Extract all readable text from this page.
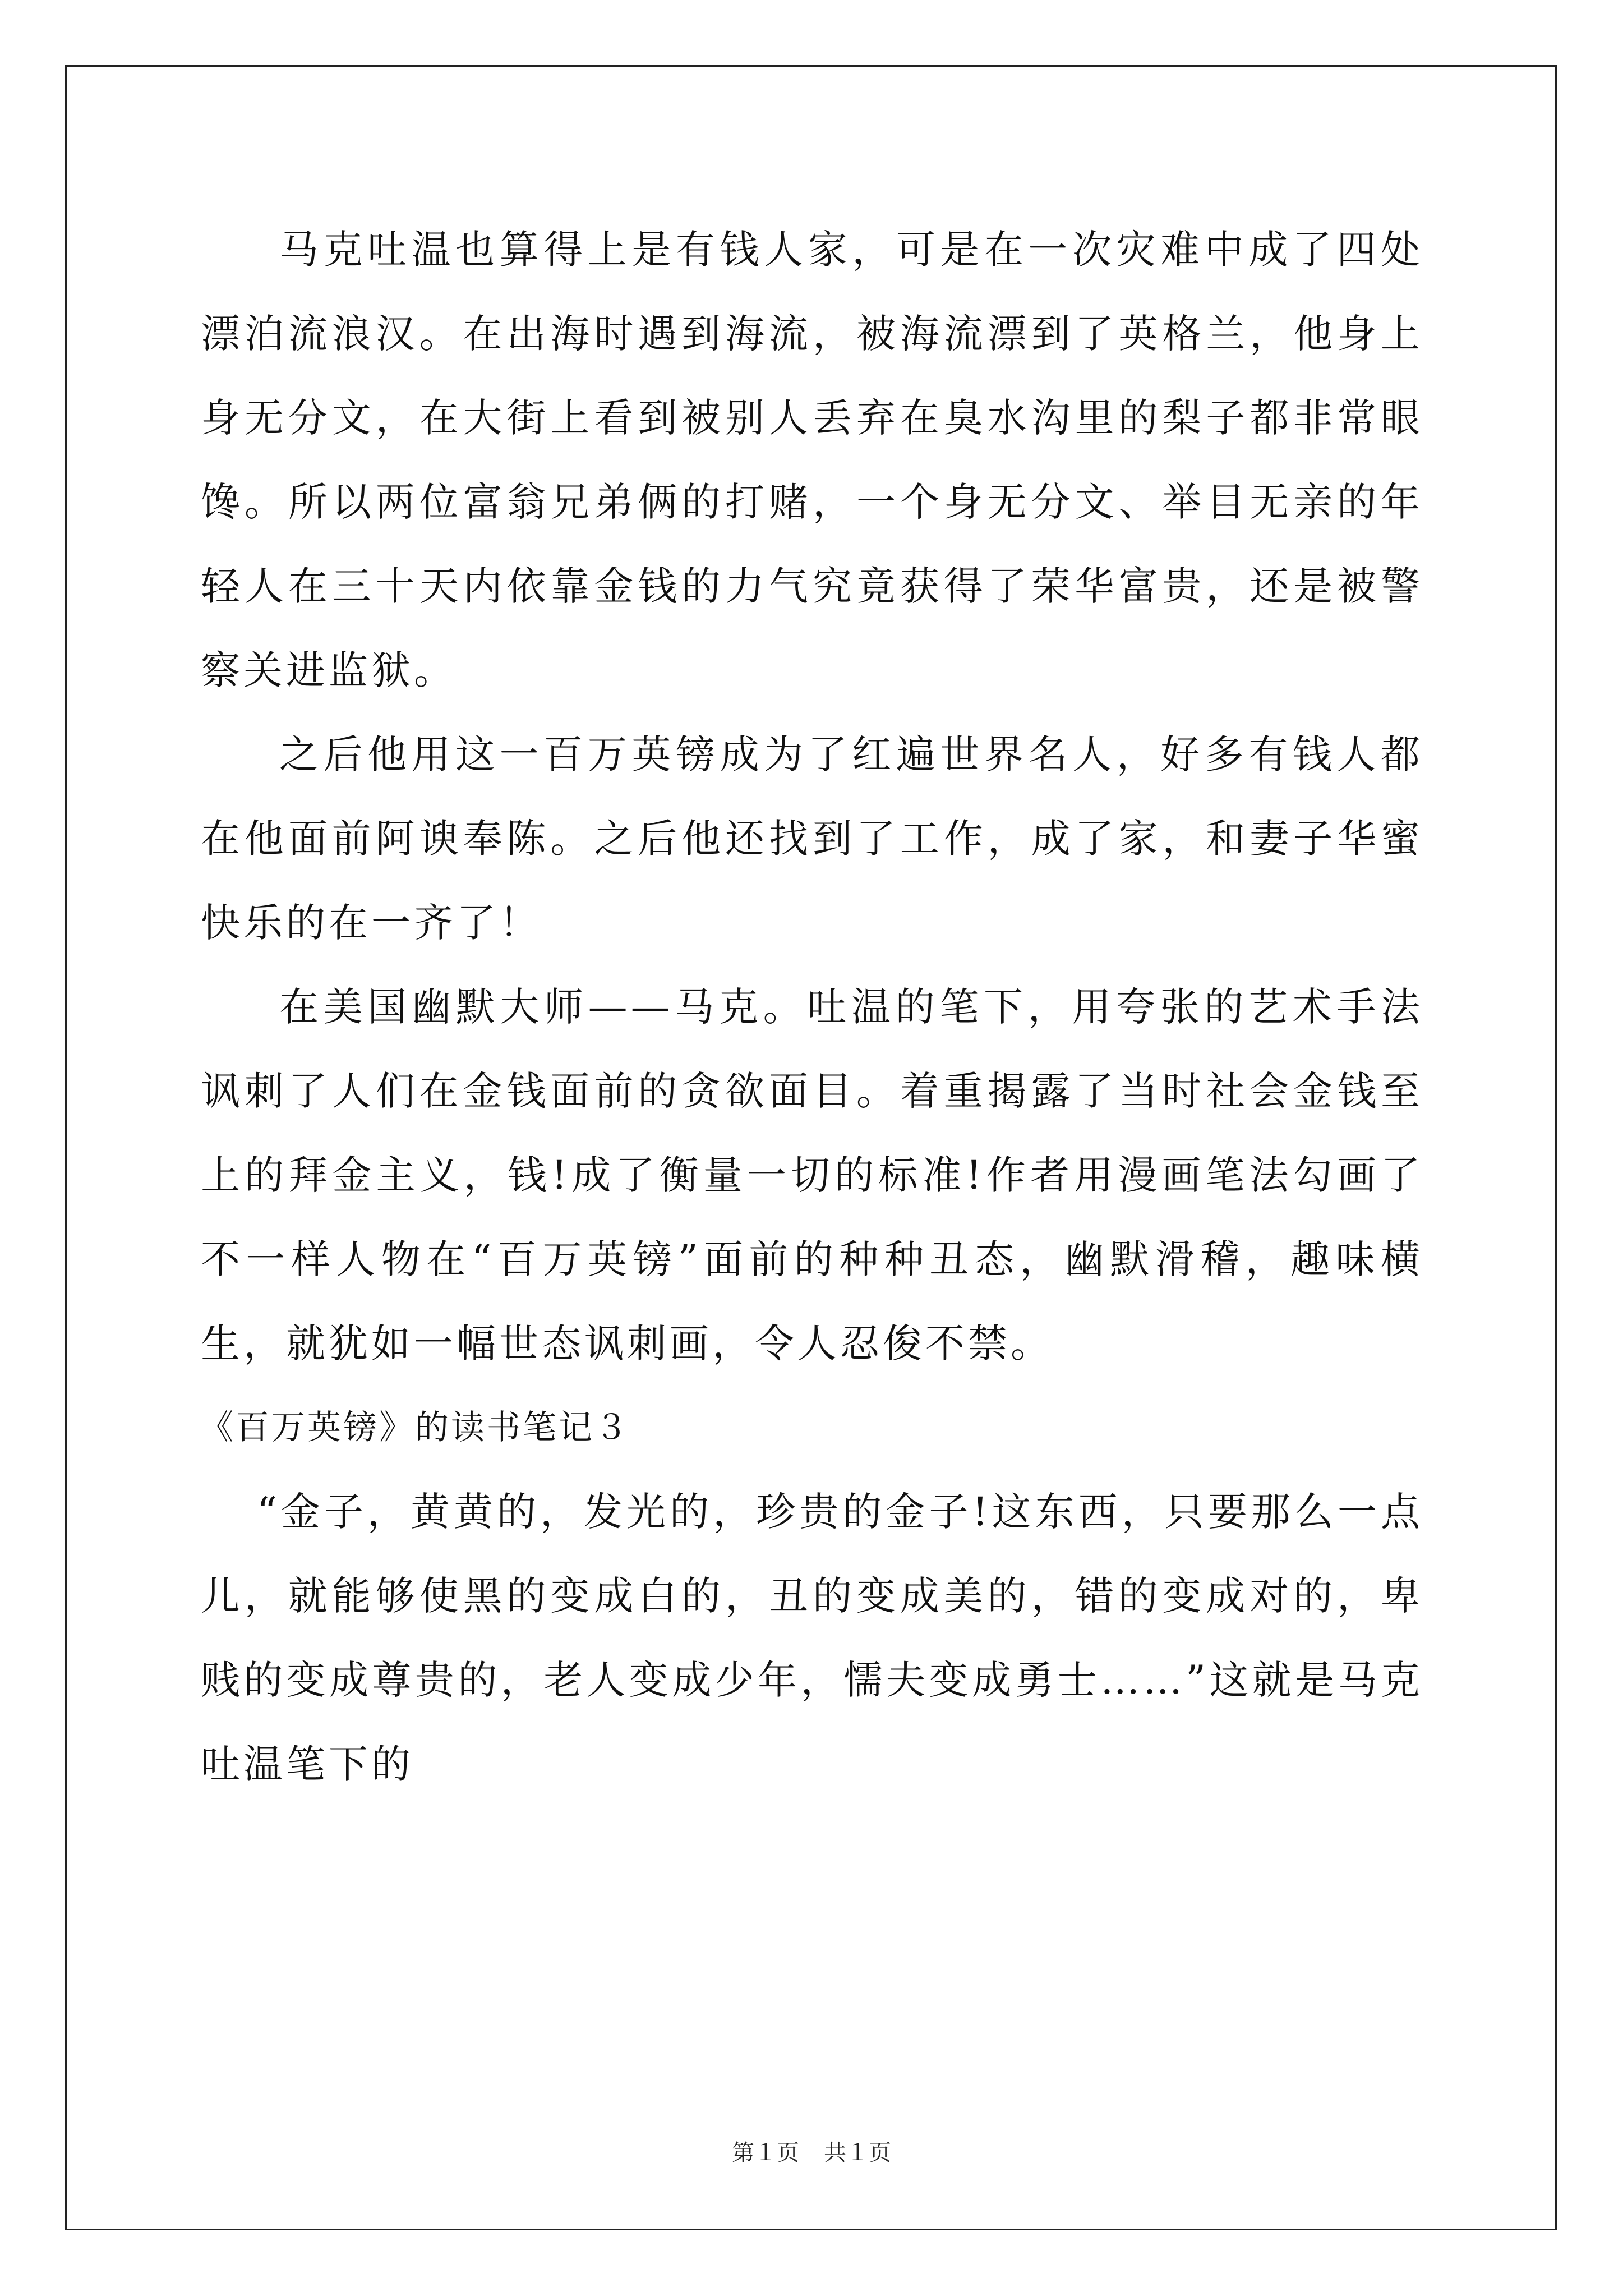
马克吐温也算得上是有钱人家，可是在一次灾难中成了四处漂泊流浪汉。在出海时遇到海流，被海流漂到了英格兰，他身上身无分文，在大街上看到被别人丢弃在臭水沟里的梨子都非常眼馋。所以两位富翁兄弟俩的打赌，一个身无分文、举目无亲的年轻人在三十天内依靠金钱的力气究竟获得了荣华富贵，还是被警察关进监狱。

之后他用这一百万英镑成为了红遍世界名人，好多有钱人都在他面前阿谀奉陈。之后他还找到了工作，成了家，和妻子华蜜快乐的在一齐了！

在美国幽默大师——马克。吐温的笔下，用夸张的艺术手法讽刺了人们在金钱面前的贪欲面目。着重揭露了当时社会金钱至上的拜金主义，钱!成了衡量一切的标准!作者用漫画笔法勾画了不一样人物在“百万英镑”面前的种种丑态，幽默滑稽，趣味横生，就犹如一幅世态讽刺画，令人忍俊不禁。

《百万英镑》的读书笔记３

“金子，黄黄的，发光的，珍贵的金子!这东西，只要那么一点儿，就能够使黑的变成白的，丑的变成美的，错的变成对的，卑贱的变成尊贵的，老人变成少年，懦夫变成勇士……”这就是马克吐温笔下的

第１页 共１页
